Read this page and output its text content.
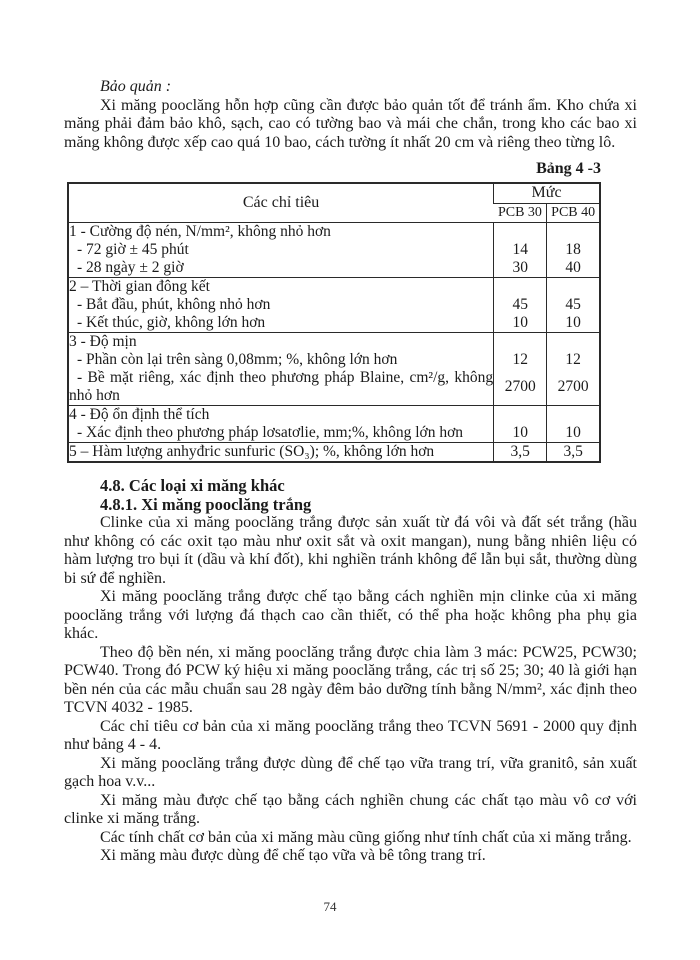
Bảo quản :

Xi măng pooclăng hỗn hợp cũng cần được bảo quản tốt để tránh ẩm. Kho chứa xi măng phải đảm bảo khô, sạch, cao có tường bao và mái che chắn, trong kho các bao xi măng không được xếp cao quá 10 bao, cách tường ít nhất 20 cm và riêng theo từng lô.

Bảng 4 -3
Các chỉ tiêu	Mức	
	PCB 30	PCB 40
1 - Cường độ nén, N/mm², không nhỏ hơn		
- 72 giờ ± 45 phút	14	18
- 28 ngày ± 2 giờ	30	40
2 – Thời gian đông kết		
- Bắt đầu, phút, không nhỏ hơn	45	45
- Kết thúc, giờ, không lớn hơn	10	10
3 - Độ mịn		
- Phần còn lại trên sàng 0,08mm; %, không lớn hơn	12	12
- Bề mặt riêng, xác định theo phương pháp Blaine, cm²/g, không nhỏ hơn	2700	2700
4 - Độ ổn định thể tích		
- Xác định theo phương pháp lơsatơlie, mm;%, không lớn hơn	10	10
5 – Hàm lượng anhyđric sunfuric (SO₃); %, không lớn hơn	3,5	3,5

4.8. Các loại xi măng khác

4.8.1. Xi măng pooclăng trắng

Clinke của xi măng pooclăng trắng được sản xuất từ đá vôi và đất sét trắng (hầu như không có các oxit tạo màu như oxit sắt và oxit mangan), nung bằng nhiên liệu có hàm lượng tro bụi ít (dầu và khí đốt), khi nghiền tránh không để lẫn bụi sắt, thường dùng bi sứ để nghiền.

Xi măng pooclăng trắng được chế tạo bằng cách nghiền mịn clinke của xi măng pooclăng trắng với lượng đá thạch cao cần thiết, có thể pha hoặc không pha phụ gia khác.

Theo độ bền nén, xi măng pooclăng trắng được chia làm 3 mác: PCW25, PCW30; PCW40. Trong đó PCW ký hiệu xi măng pooclăng trắng, các trị số 25; 30; 40 là giới hạn bền nén của các mẫu chuẩn sau 28 ngày đêm bảo dưỡng tính bằng N/mm², xác định theo TCVN 4032 - 1985.

Các chỉ tiêu cơ bản của xi măng pooclăng trắng theo TCVN 5691 - 2000 quy định như bảng 4 - 4.

Xi măng pooclăng trắng được dùng để chế tạo vữa trang trí, vữa granitô, sản xuất gạch hoa v.v...

Xi măng màu được chế tạo bằng cách nghiền chung các chất tạo màu vô cơ với clinke xi măng trắng.

Các tính chất cơ bản của xi măng màu cũng giống như tính chất của xi măng trắng.

Xi măng màu được dùng để chế tạo vữa và bê tông trang trí.

74
